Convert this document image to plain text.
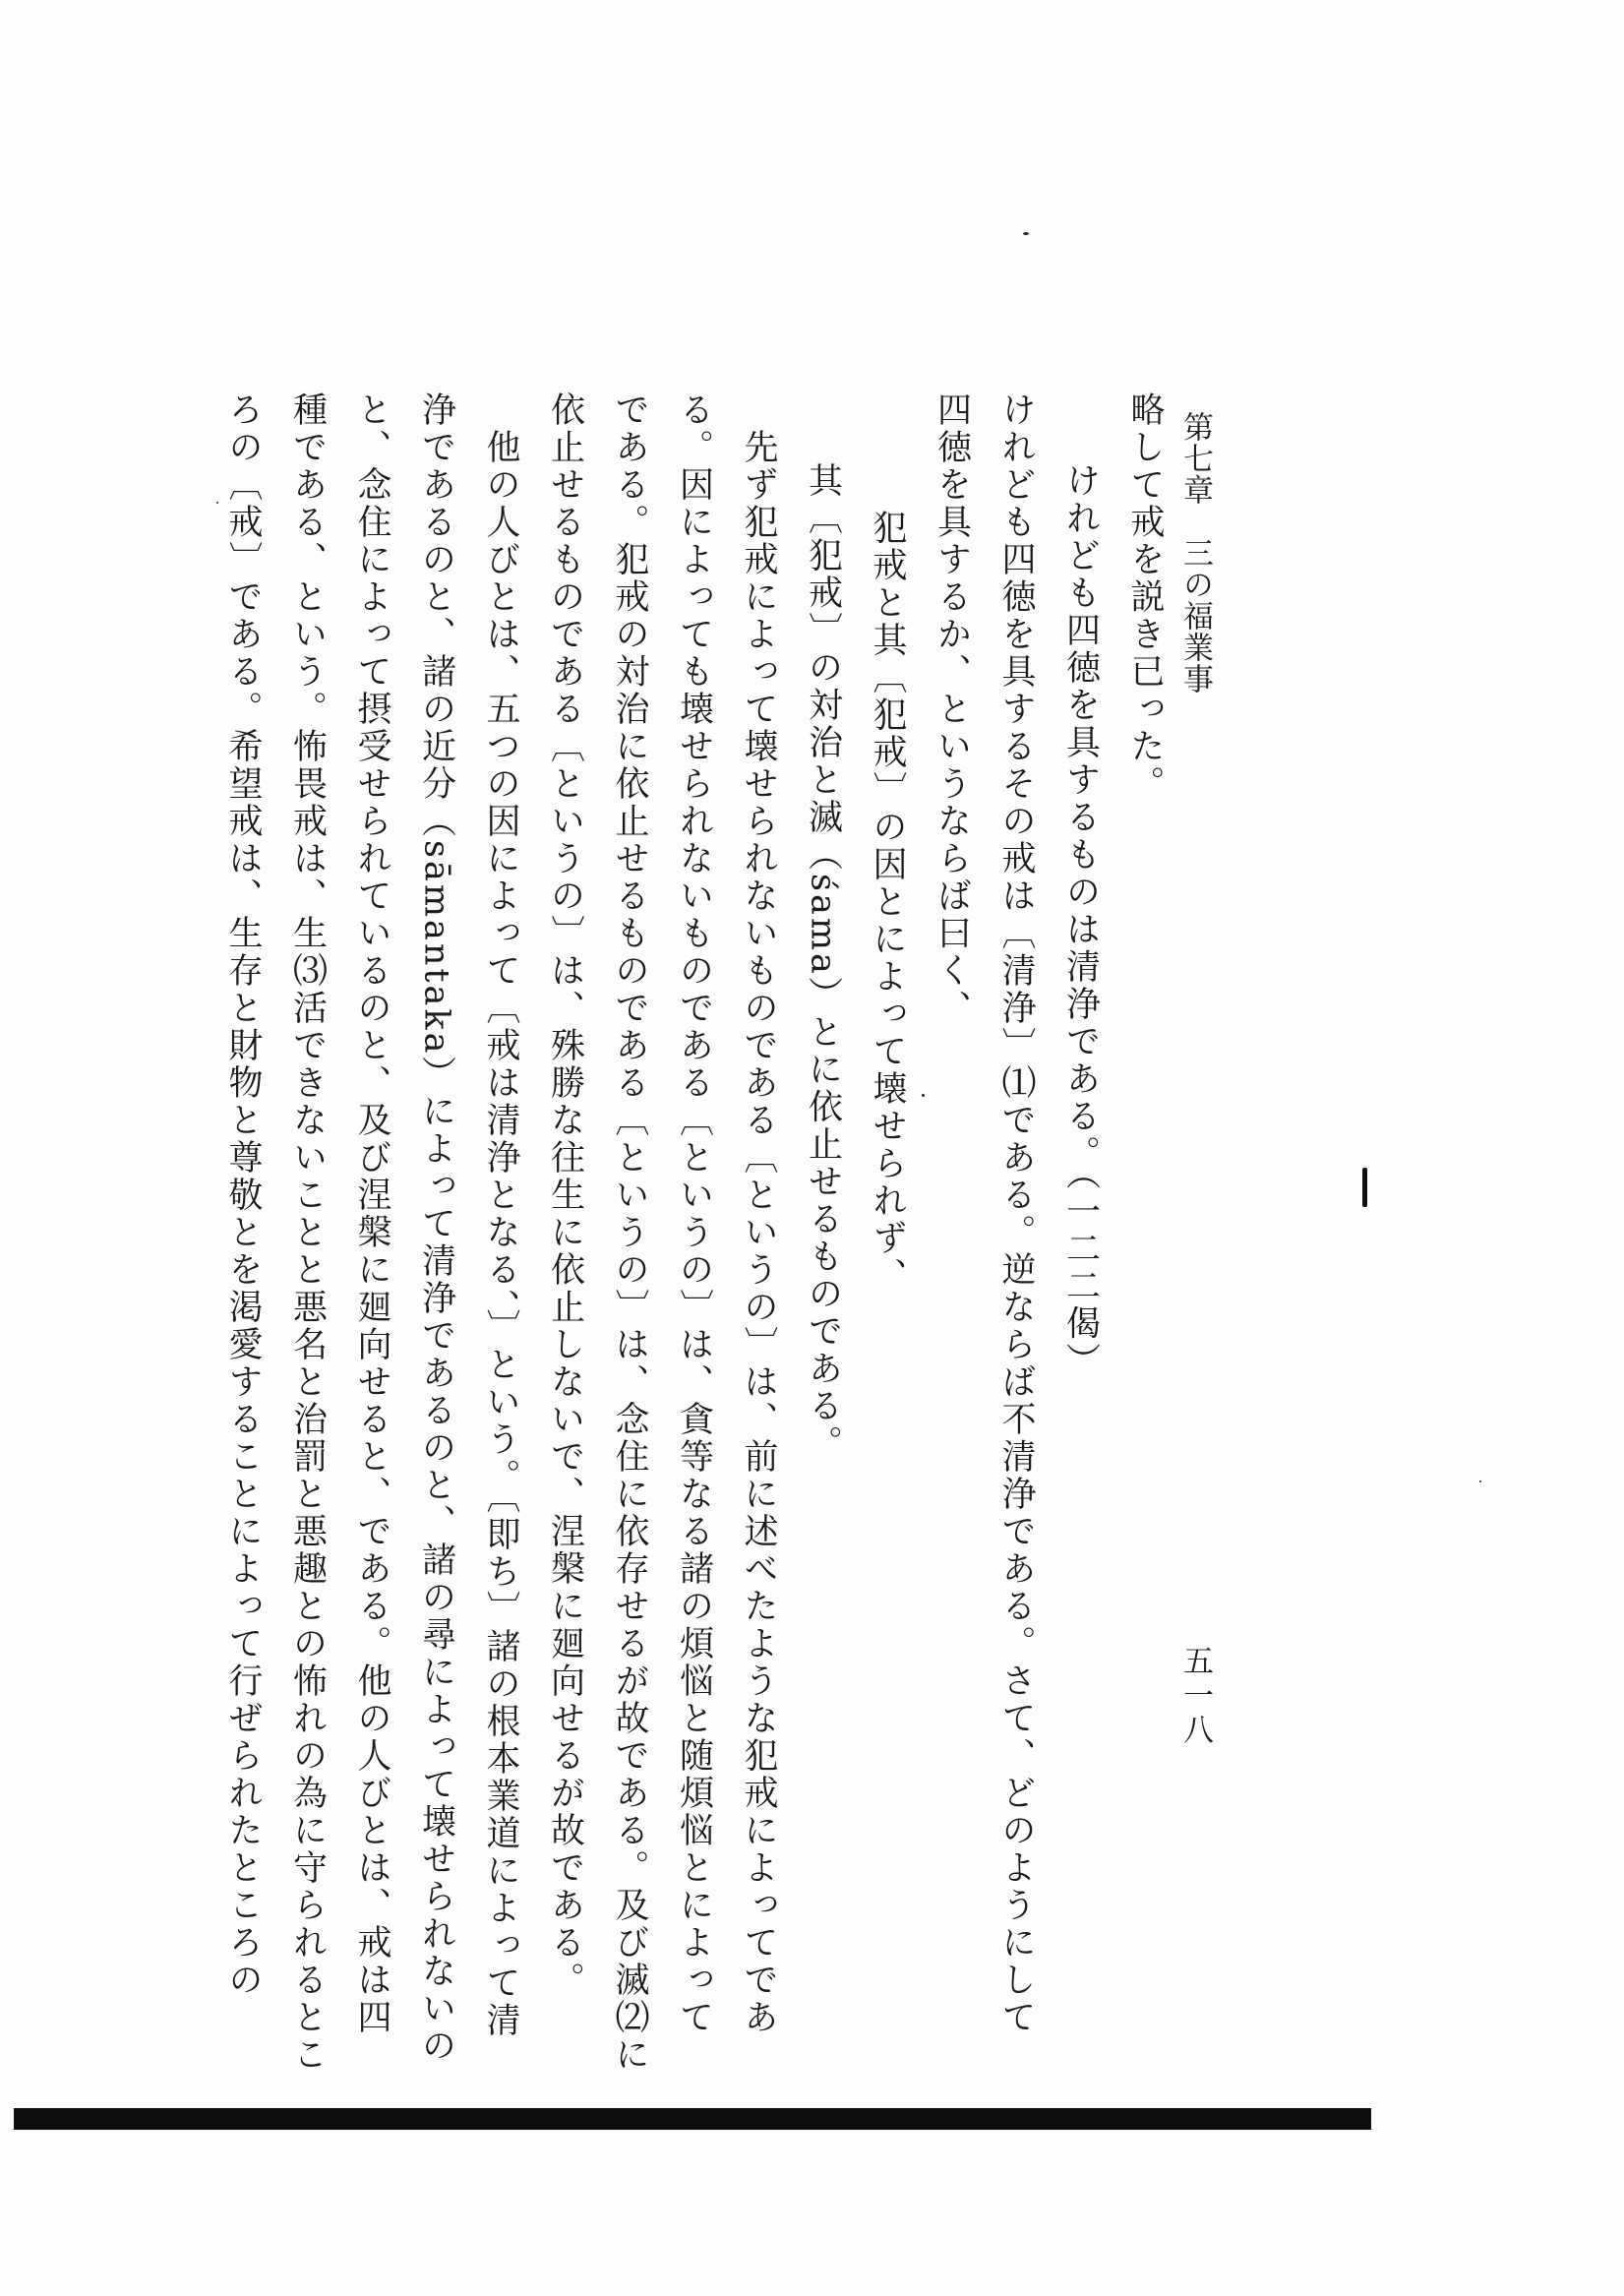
第七章　三の福業事
五一八
略して戒を説き已った。
けれども四徳を具するものは清浄である。（一二二偈）
けれども四徳を具するその戒は〔清浄〕⑴である。逆ならば不清浄である。さて、どのようにして
四徳を具するか、というならば曰く、
犯戒と其〔犯戒〕の因とによって壊せられず、
其〔犯戒〕の対治と滅（śama）とに依止せるものである。
先ず犯戒によって壊せられないものである〔というの〕は、前に述べたような犯戒によってであ
る。因によっても壊せられないものである〔というの〕は、貪等なる諸の煩悩と随煩悩とによって
である。犯戒の対治に依止せるものである〔というの〕は、念住に依存せるが故である。及び滅⑵に
依止せるものである〔というの〕は、殊勝な往生に依止しないで、涅槃に廻向せるが故である。
他の人びとは、五つの因によって〔戒は清浄となる、〕という。〔即ち〕諸の根本業道によって清
浄であるのと、諸の近分（sāmantaka）によって清浄であるのと、諸の尋によって壊せられないの
と、念住によって摂受せられているのと、及び涅槃に廻向せると、である。他の人びとは、戒は四
種である、という。怖畏戒は、生⑶活できないことと悪名と治罰と悪趣との怖れの為に守られるとこ
ろの〔戒〕である。希望戒は、生存と財物と尊敬とを渇愛することによって行ぜられたところの
